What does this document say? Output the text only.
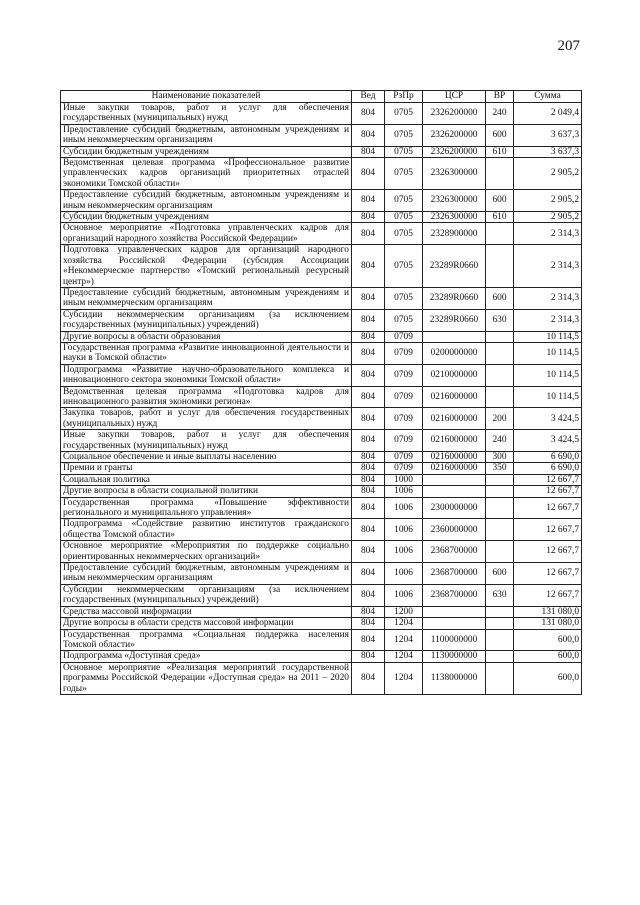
207
Наименование показателей	Вед	РзПр	ЦСР	ВР	Сумма
Иные закупки товаров, работ и услуг для обеспечения государственных (муниципальных) нужд	804	0705	2326200000	240	2 049,4
Предоставление субсидий бюджетным, автономным учреждениям и иным некоммерческим организациям	804	0705	2326200000	600	3 637,3
Субсидии бюджетным учреждениям	804	0705	2326200000	610	3 637,3
Ведомственная целевая программа «Профессиональное развитие управленческих кадров организаций приоритетных отраслей экономики Томской области»	804	0705	2326300000		2 905,2
Предоставление субсидий бюджетным, автономным учреждениям и иным некоммерческим организациям	804	0705	2326300000	600	2 905,2
Субсидии бюджетным учреждениям	804	0705	2326300000	610	2 905,2
Основное мероприятие «Подготовка управленческих кадров для организаций народного хозяйства Российской Федерации»	804	0705	2328900000		2 314,3
Подготовка управленческих кадров для организаций народного хозяйства Российской Федерации (субсидия Ассоциации «Некоммерческое партнерство «Томский региональный ресурсный центр»)	804	0705	23289R0660		2 314,3
Предоставление субсидий бюджетным, автономным учреждениям и иным некоммерческим организациям	804	0705	23289R0660	600	2 314,3
Субсидии некоммерческим организациям (за исключением государственных (муниципальных) учреждений)	804	0705	23289R0660	630	2 314,3
Другие вопросы в области образования	804	0709			10 114,5
Государственная программа «Развитие инновационной деятельности и науки в Томской области»	804	0709	0200000000		10 114,5
Подпрограмма «Развитие научно-образовательного комплекса и инновационного сектора экономики Томской области»	804	0709	0210000000		10 114,5
Ведомственная целевая программа «Подготовка кадров для инновационного развития экономики региона»	804	0709	0216000000		10 114,5
Закупка товаров, работ и услуг для обеспечения государственных (муниципальных) нужд	804	0709	0216000000	200	3 424,5
Иные закупки товаров, работ и услуг для обеспечения государственных (муниципальных) нужд	804	0709	0216000000	240	3 424,5
Социальное обеспечение и иные выплаты населению	804	0709	0216000000	300	6 690,0
Премии и гранты	804	0709	0216000000	350	6 690,0
Социальная политика	804	1000			12 667,7
Другие вопросы в области социальной политики	804	1006			12 667,7
Государственная программа «Повышение эффективности регионального и муниципального управления»	804	1006	2300000000		12 667,7
Подпрограмма «Содействие развитию институтов гражданского общества Томской области»	804	1006	2360000000		12 667,7
Основное мероприятие «Мероприятия по поддержке социально ориентированных некоммерческих организаций»	804	1006	2368700000		12 667,7
Предоставление субсидий бюджетным, автономным учреждениям и иным некоммерческим организациям	804	1006	2368700000	600	12 667,7
Субсидии некоммерческим организациям (за исключением государственных (муниципальных) учреждений)	804	1006	2368700000	630	12 667,7
Средства массовой информации	804	1200			131 080,0
Другие вопросы в области средств массовой информации	804	1204			131 080,0
Государственная программа «Социальная поддержка населения Томской области»	804	1204	1100000000		600,0
Подпрограмма «Доступная среда»	804	1204	1130000000		600,0
Основное мероприятие «Реализация мероприятий государственной программы Российской Федерации «Доступная среда» на 2011 – 2020 годы»	804	1204	1138000000		600,0
